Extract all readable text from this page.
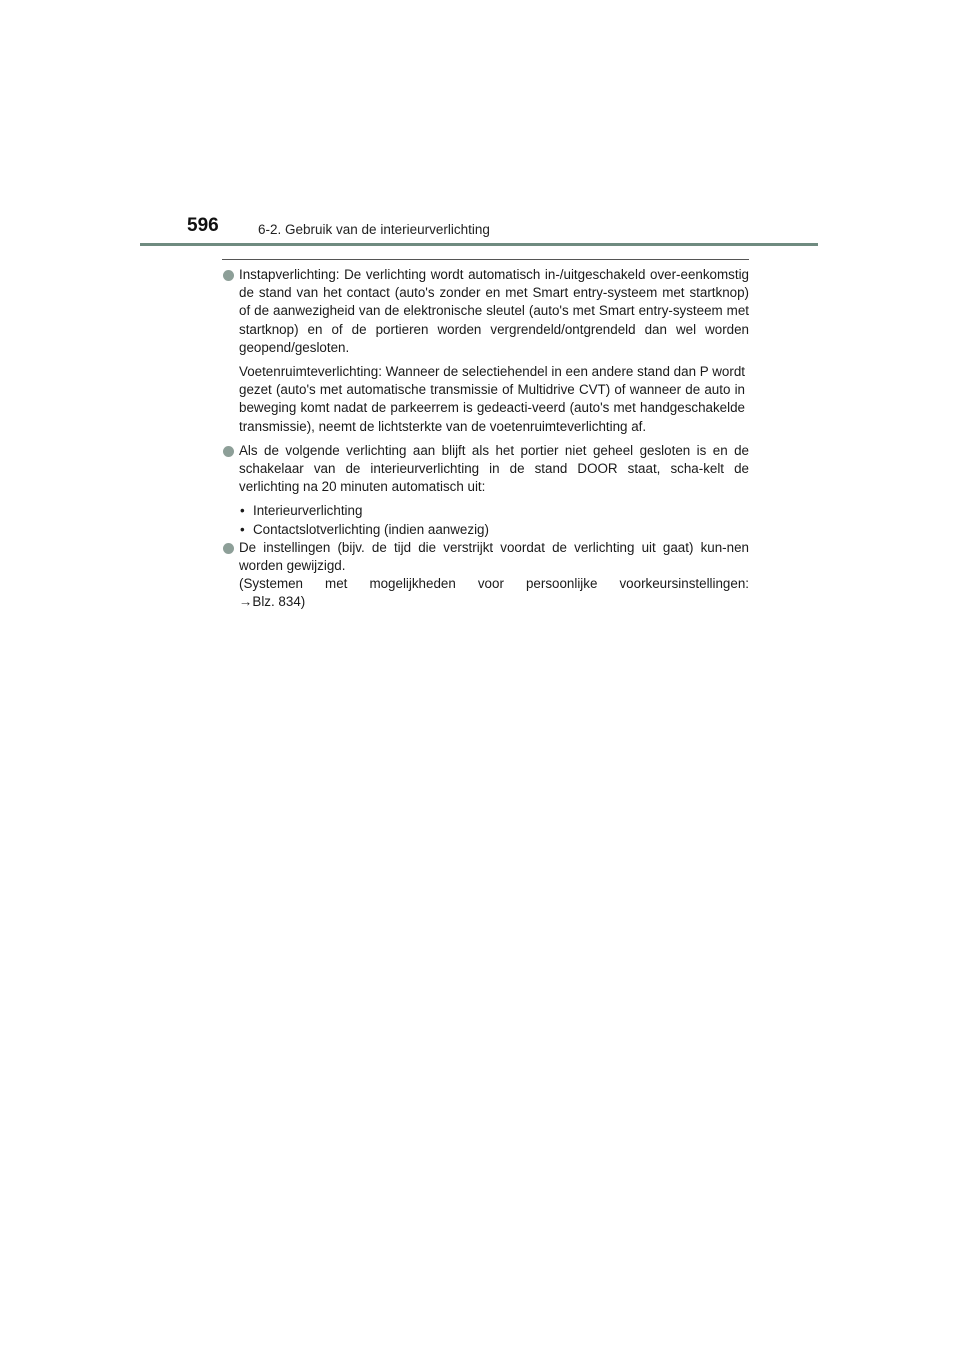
596	6-2. Gebruik van de interieurverlichting
Instapverlichting: De verlichting wordt automatisch in-/uitgeschakeld over-eenkomstig de stand van het contact (auto's zonder en met Smart entry-systeem met startknop) of de aanwezigheid van de elektronische sleutel (auto's met Smart entry-systeem met startknop) en of de portieren worden vergrendeld/ontgrendeld dan wel worden geopend/gesloten.
Voetenruimteverlichting: Wanneer de selectiehendel in een andere stand dan P wordt gezet (auto's met automatische transmissie of Multidrive CVT) of wanneer de auto in beweging komt nadat de parkeerrem is gedeacti-veerd (auto's met handgeschakelde transmissie), neemt de lichtsterkte van de voetenruimteverlichting af.
Als de volgende verlichting aan blijft als het portier niet geheel gesloten is en de schakelaar van de interieurverlichting in de stand DOOR staat, scha-kelt de verlichting na 20 minuten automatisch uit:
• Interieurverlichting
• Contactslotverlichting (indien aanwezig)
De instellingen (bijv. de tijd die verstrijkt voordat de verlichting uit gaat) kun-nen worden gewijzigd.
(Systemen met mogelijkheden voor persoonlijke voorkeursinstellingen:
→Blz. 834)
